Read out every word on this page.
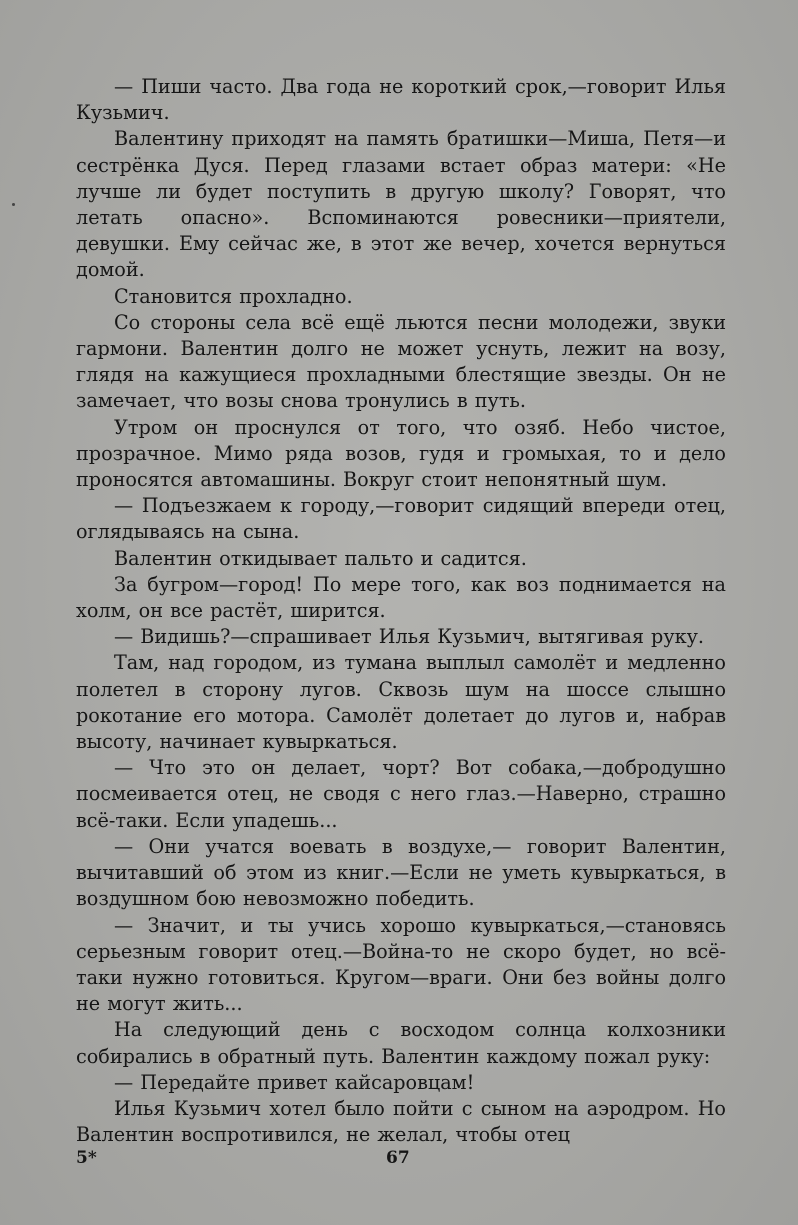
— Пиши часто. Два года не короткий срок,—говорит Илья Кузьмич.

Валентину приходят на память братишки—Миша, Петя—и сестрёнка Дуся. Перед глазами встает образ матери: «Не лучше ли будет поступить в другую школу? Говорят, что летать опасно». Вспоминаются ровесники—приятели, девушки. Ему сейчас же, в этот же вечер, хочется вернуться домой.

Становится прохладно.

Со стороны села всё ещё льются песни молодежи, звуки гармони. Валентин долго не может уснуть, лежит на возу, глядя на кажущиеся прохладными блестящие звезды. Он не замечает, что возы снова тронулись в путь.

Утром он проснулся от того, что озяб. Небо чистое, прозрачное. Мимо ряда возов, гудя и громыхая, то и дело проносятся автомашины. Вокруг стоит непонятный шум.

— Подъезжаем к городу,—говорит сидящий впереди отец, оглядываясь на сына.

Валентин откидывает пальто и садится.

За бугром—город! По мере того, как воз поднимается на холм, он все растёт, ширится.

— Видишь?—спрашивает Илья Кузьмич, вытягивая руку.

Там, над городом, из тумана выплыл самолёт и медленно полетел в сторону лугов. Сквозь шум на шоссе слышно рокотание его мотора. Самолёт долетает до лугов и, набрав высоту, начинает кувыркаться.

— Что это он делает, чорт? Вот собака,—добродушно посмеивается отец, не сводя с него глаз.—Наверно, страшно всё-таки. Если упадешь...

— Они учатся воевать в воздухе,— говорит Валентин, вычитавший об этом из книг.—Если не уметь кувыркаться, в воздушном бою невозможно победить.

— Значит, и ты учись хорошо кувыркаться,—становясь серьезным говорит отец.—Война-то не скоро будет, но всё-таки нужно готовиться. Кругом—враги. Они без войны долго не могут жить...

На следующий день с восходом солнца колхозники собирались в обратный путь. Валентин каждому пожал руку:

— Передайте привет кайсаровцам!

Илья Кузьмич хотел было пойти с сыном на аэродром. Но Валентин воспротивился, не желал, чтобы отец

5*	67
